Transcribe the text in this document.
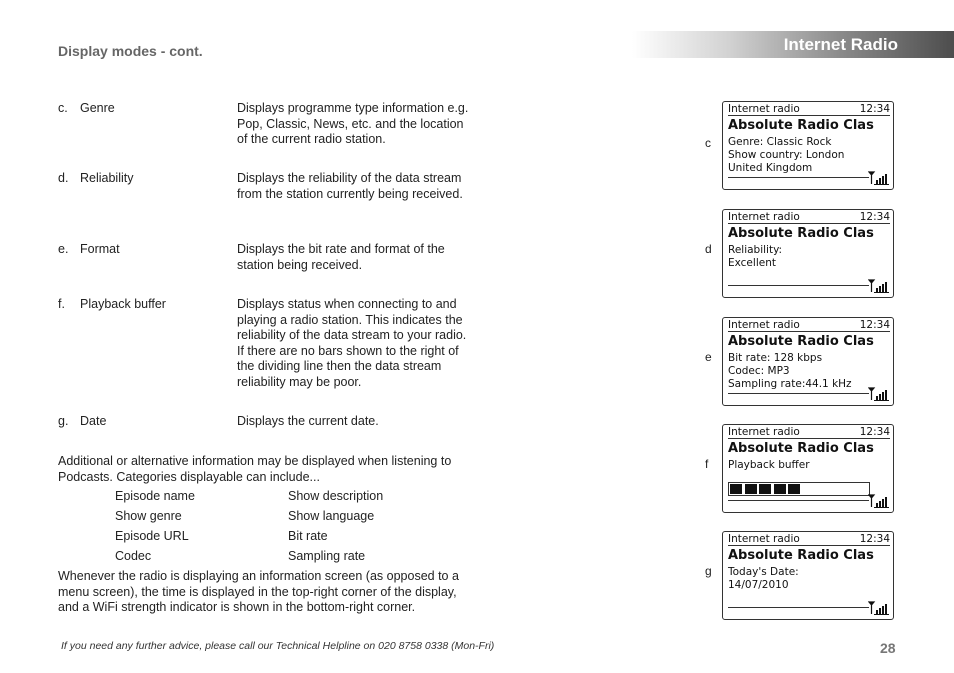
Display modes - cont.	Internet Radio
c. Genre	Displays programme type information e.g. Pop, Classic, News, etc. and the location of the current radio station.
d. Reliability	Displays the reliability of the data stream from the station currently being received.
e. Format	Displays the bit rate and format of the station being received.
f. Playback buffer	Displays status when connecting to and playing a radio station. This indicates the reliability of the data stream to your radio. If there are no bars shown to the right of the dividing line then the data stream reliability may be poor.
g. Date	Displays the current date.
Additional or alternative information may be displayed when listening to Podcasts. Categories displayable can include...
Episode name	Show description
Show genre	Show language
Episode URL	Bit rate
Codec	Sampling rate
Whenever the radio is displaying an information screen (as opposed to a menu screen), the time is displayed in the top-right corner of the display, and a WiFi strength indicator is shown in the bottom-right corner.
If you need any further advice, please call our Technical Helpline on 020 8758 0338 (Mon-Fri)	28
c
Internet radio	12:34
Absolute Radio Clas
Genre: Classic Rock
Show country: London
United Kingdom
d
Internet radio	12:34
Absolute Radio Clas
Reliability:
Excellent
e
Internet radio	12:34
Absolute Radio Clas
Bit rate: 128 kbps
Codec: MP3
Sampling rate:44.1 kHz
f
Internet radio	12:34
Absolute Radio Clas
Playback buffer
g
Internet radio	12:34
Absolute Radio Clas
Today's Date:
14/07/2010
